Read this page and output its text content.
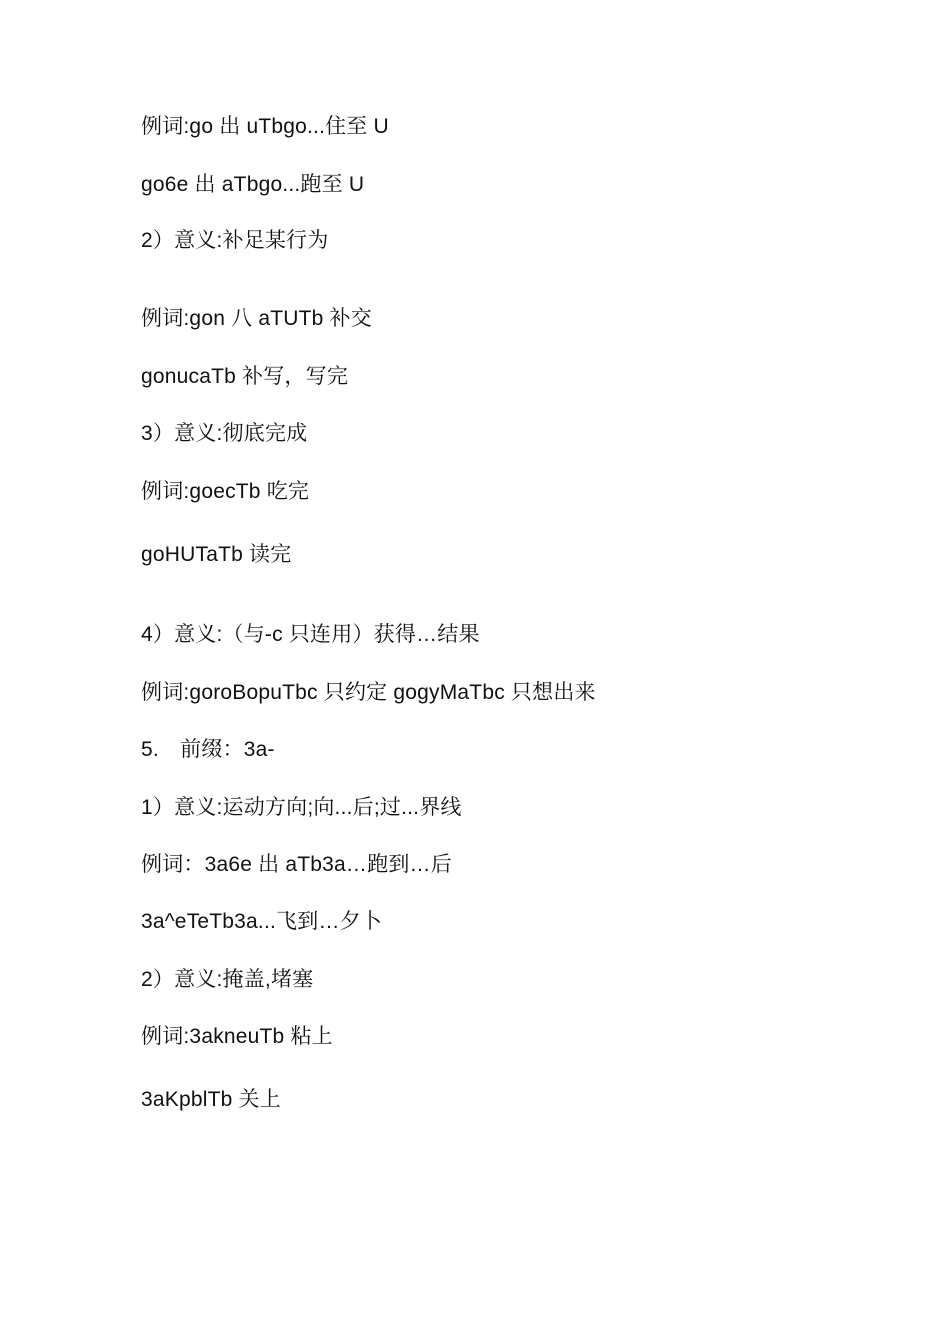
例词:go 出 uTbgo...住至 U
go6e 出 aTbgo...跑至 U
2）意义:补足某行为
例词:gon 八 aTUTb 补交
gonucaTb 补写，写完
3）意义:彻底完成
例词:goecTb 吃完
goHUTaTb 读完
4）意义:（与-c 只连用）获得…结果
例词:goroBopuTbc 只约定 gogyMaTbc 只想出来
5.　前缀：3a-
1）意义:运动方向;向...后;过...界线
例词：3a6e 出 aTb3a…跑到…后
3a^eTeTb3a...飞到…夕卜
2）意义:掩盖,堵塞
例词:3akneuTb 粘上
3aKpblTb 关上
